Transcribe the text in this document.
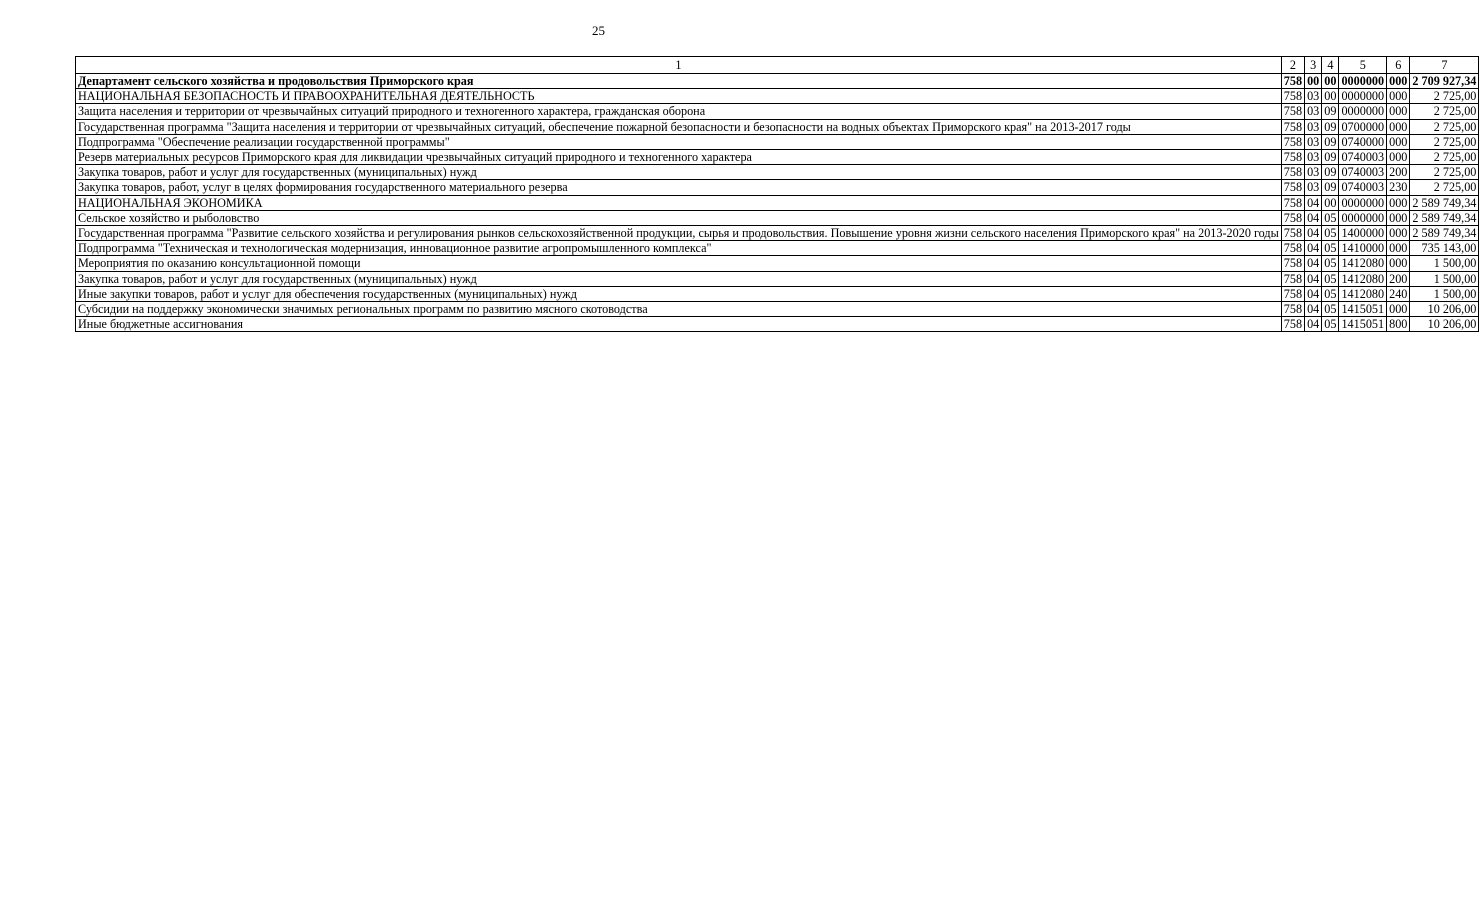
25
1	2	3	4	5	6	7
Департамент сельского хозяйства и продовольствия Приморского края	758	00	00	0000000	000	2 709 927,34
НАЦИОНАЛЬНАЯ БЕЗОПАСНОСТЬ И ПРАВООХРАНИТЕЛЬНАЯ ДЕЯТЕЛЬНОСТЬ	758	03	00	0000000	000	2 725,00
Защита населения и территории от чрезвычайных ситуаций природного и техногенного характера, гражданская оборона	758	03	09	0000000	000	2 725,00
Государственная программа "Защита населения и территории от чрезвычайных ситуаций, обеспечение пожарной безопасности и безопасности на водных объектах Приморского края" на 2013-2017 годы	758	03	09	0700000	000	2 725,00
Подпрограмма "Обеспечение реализации государственной программы"	758	03	09	0740000	000	2 725,00
Резерв материальных ресурсов Приморского края для ликвидации чрезвычайных ситуаций природного и техногенного характера	758	03	09	0740003	000	2 725,00
Закупка товаров, работ и услуг для государственных (муниципальных) нужд	758	03	09	0740003	200	2 725,00
Закупка товаров, работ, услуг в целях формирования государственного материального резерва	758	03	09	0740003	230	2 725,00
НАЦИОНАЛЬНАЯ ЭКОНОМИКА	758	04	00	0000000	000	2 589 749,34
Сельское хозяйство и рыболовство	758	04	05	0000000	000	2 589 749,34
Государственная программа "Развитие сельского хозяйства и регулирования рынков сельскохозяйственной продукции, сырья и продовольствия. Повышение уровня жизни сельского населения Приморского края" на 2013-2020 годы	758	04	05	1400000	000	2 589 749,34
Подпрограмма "Техническая и технологическая модернизация, инновационное развитие агропромышленного комплекса"	758	04	05	1410000	000	735 143,00
Мероприятия по оказанию консультационной помощи	758	04	05	1412080	000	1 500,00
Закупка товаров, работ и услуг для государственных (муниципальных) нужд	758	04	05	1412080	200	1 500,00
Иные закупки товаров, работ и услуг для обеспечения государственных (муниципальных) нужд	758	04	05	1412080	240	1 500,00
Субсидии на поддержку экономически значимых региональных программ по развитию мясного скотоводства	758	04	05	1415051	000	10 206,00
Иные бюджетные ассигнования	758	04	05	1415051	800	10 206,00
